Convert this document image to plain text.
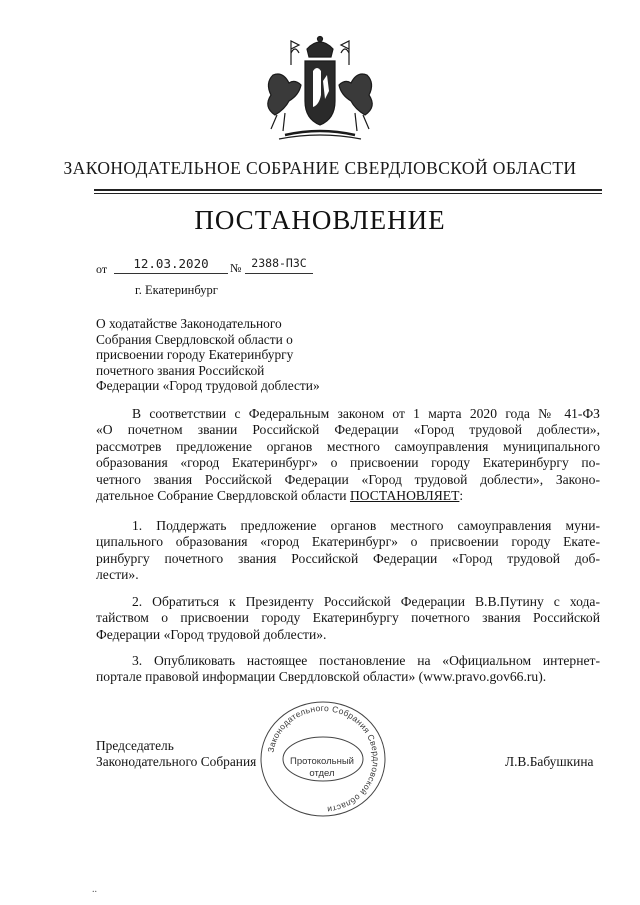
ЗАКОНОДАТЕЛЬНОЕ СОБРАНИЕ СВЕРДЛОВСКОЙ ОБЛАСТИ
ПОСТАНОВЛЕНИЕ
от	12.03.2020	№ 2388-ПЗС
г. Екатеринбург
О ходатайстве Законодательного
Собрания Свердловской области о
присвоении городу Екатеринбургу
почетного звания Российской
Федерации «Город трудовой доблести»
В соответствии с Федеральным законом от 1 марта 2020 года № 41-ФЗ
«О почетном звании Российской Федерации «Город трудовой доблести»,
рассмотрев предложение органов местного самоуправления муниципального
образования «город Екатеринбург» о присвоении городу Екатеринбургу по-
четного звания Российской Федерации «Город трудовой доблести», Законо-
дательное Собрание Свердловской области ПОСТАНОВЛЯЕТ:
1. Поддержать предложение органов местного самоуправления муни-
ципального образования «город Екатеринбург» о присвоении городу Екате-
ринбургу почетного звания Российской Федерации «Город трудовой доб-
лести».
2. Обратиться к Президенту Российской Федерации В.В.Путину с хода-
тайством о присвоении городу Екатеринбургу почетного звания Российской
Федерации «Город трудовой доблести».
3. Опубликовать настоящее постановление на «Официальном интернет-
портале правовой информации Свердловской области» (www.pravo.gov66.ru).
Председатель
Законодательного Собрания
Законодательного Собрания Свердловской области
Протокольный
отдел
Л.В.Бабушкина
..
